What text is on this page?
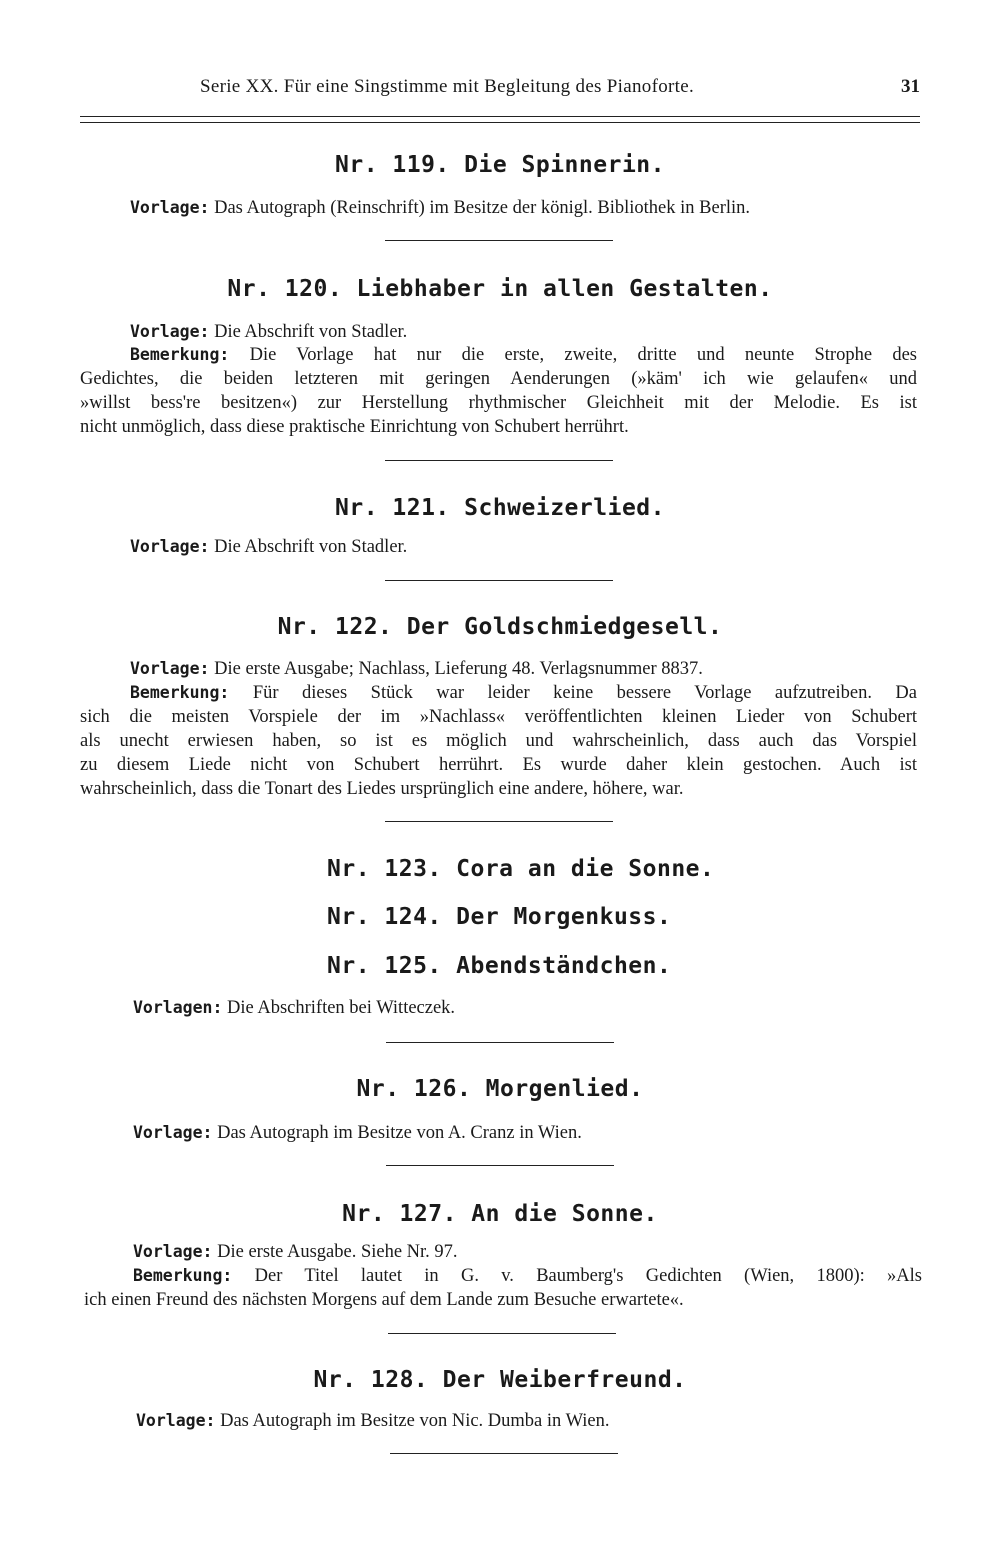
Serie XX. Für eine Singstimme mit Begleitung des Pianoforte.	31
Nr. 119. Die Spinnerin.
Vorlage: Das Autograph (Reinschrift) im Besitze der königl. Bibliothek in Berlin.
Nr. 120. Liebhaber in allen Gestalten.
Vorlage: Die Abschrift von Stadler.
Bemerkung: Die Vorlage hat nur die erste, zweite, dritte und neunte Strophe des
Gedichtes, die beiden letzteren mit geringen Aenderungen (»käm' ich wie gelaufen« und
»willst bess're besitzen«) zur Herstellung rhythmischer Gleichheit mit der Melodie. Es ist
nicht unmöglich, dass diese praktische Einrichtung von Schubert herrührt.
Nr. 121. Schweizerlied.
Vorlage: Die Abschrift von Stadler.
Nr. 122. Der Goldschmiedgesell.
Vorlage: Die erste Ausgabe; Nachlass, Lieferung 48. Verlagsnummer 8837.
Bemerkung: Für dieses Stück war leider keine bessere Vorlage aufzutreiben. Da
sich die meisten Vorspiele der im »Nachlass« veröffentlichten kleinen Lieder von Schubert
als unecht erwiesen haben, so ist es möglich und wahrscheinlich, dass auch das Vorspiel
zu diesem Liede nicht von Schubert herrührt. Es wurde daher klein gestochen. Auch ist
wahrscheinlich, dass die Tonart des Liedes ursprünglich eine andere, höhere, war.
Nr. 123. Cora an die Sonne.
Nr. 124. Der Morgenkuss.
Nr. 125. Abendständchen.
Vorlagen: Die Abschriften bei Witteczek.
Nr. 126. Morgenlied.
Vorlage: Das Autograph im Besitze von A. Cranz in Wien.
Nr. 127. An die Sonne.
Vorlage: Die erste Ausgabe. Siehe Nr. 97.
Bemerkung: Der Titel lautet in G. v. Baumberg's Gedichten (Wien, 1800): »Als
ich einen Freund des nächsten Morgens auf dem Lande zum Besuche erwartete«.
Nr. 128. Der Weiberfreund.
Vorlage: Das Autograph im Besitze von Nic. Dumba in Wien.
